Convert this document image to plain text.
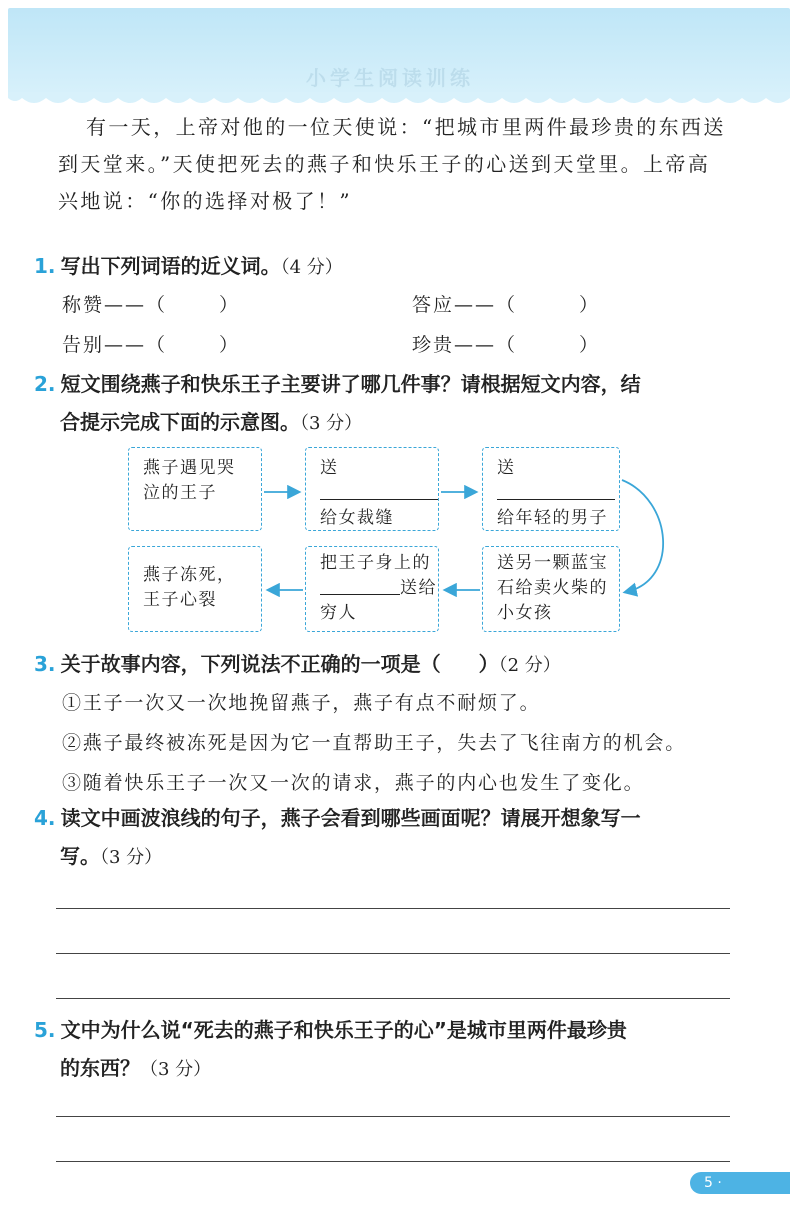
小学生阅读训练
有一天，上帝对他的一位天使说：“把城市里两件最珍贵的东西送
到天堂来。”天使把死去的燕子和快乐王子的心送到天堂里。上帝高
兴地说：“你的选择对极了！”
1. 写出下列词语的近义词。（4 分）
称赞——（	）	答应——（	）
告别——（	）	珍贵——（	）
2. 短文围绕燕子和快乐王子主要讲了哪几件事？请根据短文内容，结
合提示完成下面的示意图。（3 分）
燕子遇见哭
泣的王子
送
给女裁缝
送
给年轻的男子
送另一颗蓝宝
石给卖火柴的
小女孩
把王子身上的
送给
穷人
燕子冻死，
王子心裂
3. 关于故事内容，下列说法不正确的一项是（ ）（2 分）
①王子一次又一次地挽留燕子，燕子有点不耐烦了。
②燕子最终被冻死是因为它一直帮助王子，失去了飞往南方的机会。
③随着快乐王子一次又一次的请求，燕子的内心也发生了变化。
4. 读文中画波浪线的句子，燕子会看到哪些画面呢？请展开想象写一
写。（3 分）
5. 文中为什么说“死去的燕子和快乐王子的心”是城市里两件最珍贵
的东西？（3 分）
5 ·
